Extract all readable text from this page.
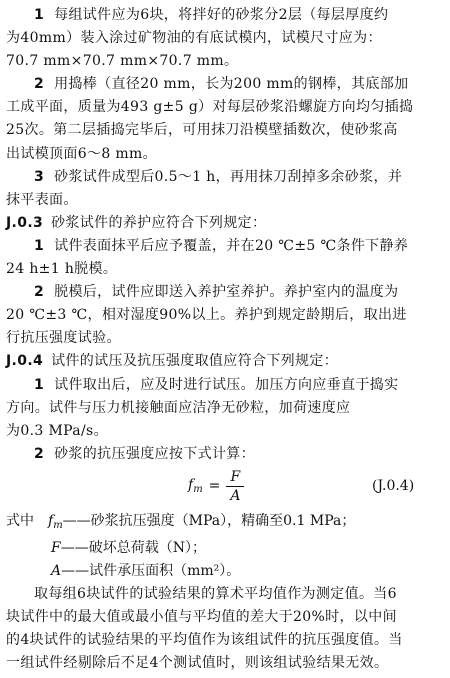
1 每组试件应为6块，将拌好的砂浆分2层（每层厚度约
为40mm）装入涂过矿物油的有底试模内，试模尺寸应为：
70.7 mm×70.7 mm×70.7 mm。
2 用捣棒（直径20 mm，长为200 mm的钢棒，其底部加
工成平面，质量为493 g±5 g）对每层砂浆沿螺旋方向均匀插捣
25次。第二层插捣完毕后，可用抹刀沿模壁插数次，使砂浆高
出试模顶面6～8 mm。
3 砂浆试件成型后0.5～1 h，再用抹刀刮掉多余砂浆，并
抹平表面。
J.0.3 砂浆试件的养护应符合下列规定：
1 试件表面抹平后应予覆盖，并在20 ℃±5 ℃条件下静养
24 h±1 h脱模。
2 脱模后，试件应即送入养护室养护。养护室内的温度为
20 ℃±3 ℃，相对湿度90%以上。养护到规定龄期后，取出进
行抗压强度试验。
J.0.4 试件的试压及抗压强度取值应符合下列规定：
1 试件取出后，应及时进行试压。加压方向应垂直于捣实
方向。试件与压力机接触面应洁净无砂粒，加荷速度应
为0.3 MPa/s。
2 砂浆的抗压强度应按下式计算：
$f_m = \frac{F}{A}$	(J.0.4)
式中 $f_m——$砂浆抗压强度（MPa），精确至0.1 MPa；
F——破坏总荷载（N）；
A——试件承压面积（mm²）。
取每组6块试件的试验结果的算术平均值作为测定值。当6
块试件中的最大值或最小值与平均值的差大于20%时，以中间
的4块试件的试验结果的平均值作为该组试件的抗压强度值。当
一组试件经剔除后不足4个测试值时，则该组试验结果无效。
